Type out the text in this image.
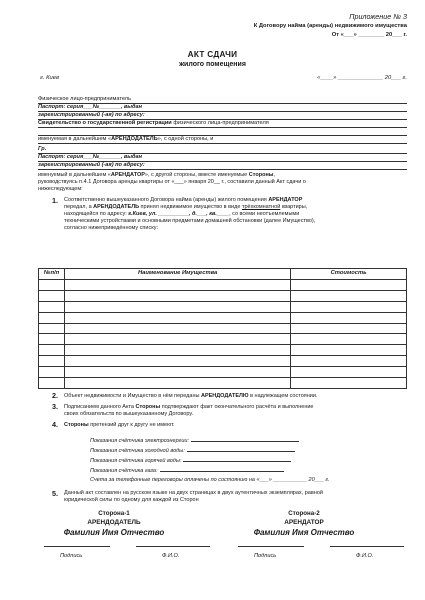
Приложение № 3
К Договору найма (аренды) недвижимого имущества
От «___» ________ 20___ г.
АКТ СДАЧИ
жилого помещения
г. Киев	«____» ______________ 20___ г.
Физическое лицо-предприниматель
Паспорт: серия___№_______, выдан
зарегистрированный (-ая) по адресу:
Свидетельство о государственной регистрации физического лица-предпринимателя
именуемая в дальнейшем «АРЕНДОДАТЕЛЬ», с одной стороны, и
Гр.
Паспорт: серия___№_______, выдан
зарегистрированный (-ая) по адресу:
именуемый в дальнейшем «АРЕНДАТОР», с другой стороны, вместе именуемые Стороны,
руководствуясь п.4.1 Договора аренды квартиры от «___» января 20__ г., составили данный Акт сдачи о
нижеследующем:
1. Соответственно вышеуказанного Договора найма (аренды) жилого помещения АРЕНДАТОР
передал, а АРЕНДОДАТЕЛЬ принял недвижимое имущество в виде трёхкомнатной квартиры,
находящейся по адресу: г.Киев, ул. __________, д.___, кв.____, со всеми неотъемлемыми
техническими устройствами и основными предметами домашней обстановки (далее Имущество),
согласно нижеприведённому списку:
№п/п	Наименование Имущества	Стоимость

2. Объект недвижимости и Имущество в нём переданы АРЕНДОДАТЕЛЮ в надлежащем состоянии.
3. Подписанием данного Акта Стороны подтверждают факт окончательного расчёта и выполнение
своих обязательств по вышеуказанному Договору.
4. Стороны претензий друг к другу не имеют.
Показания счётчика электроэнергии:
Показания счётчика холодной воды:
Показания счётчика горячей воды:
Показания счётчика газа:
Счета за телефонные переговоры оплачены по состоянию на «___» ___________ 20___ г.
5. Данный акт составлен на русском языке на двух страницах в двух аутентичных экземплярах, равной
юридической силы по одному для каждой из Сторон
Сторона-1
АРЕНДОДАТЕЛЬ
Фамилия Имя Отчество
Сторона-2
АРЕНДАТОР
Фамилия Имя Отчество
Подпись	Ф.И.О.	Подпись	Ф.И.О.
